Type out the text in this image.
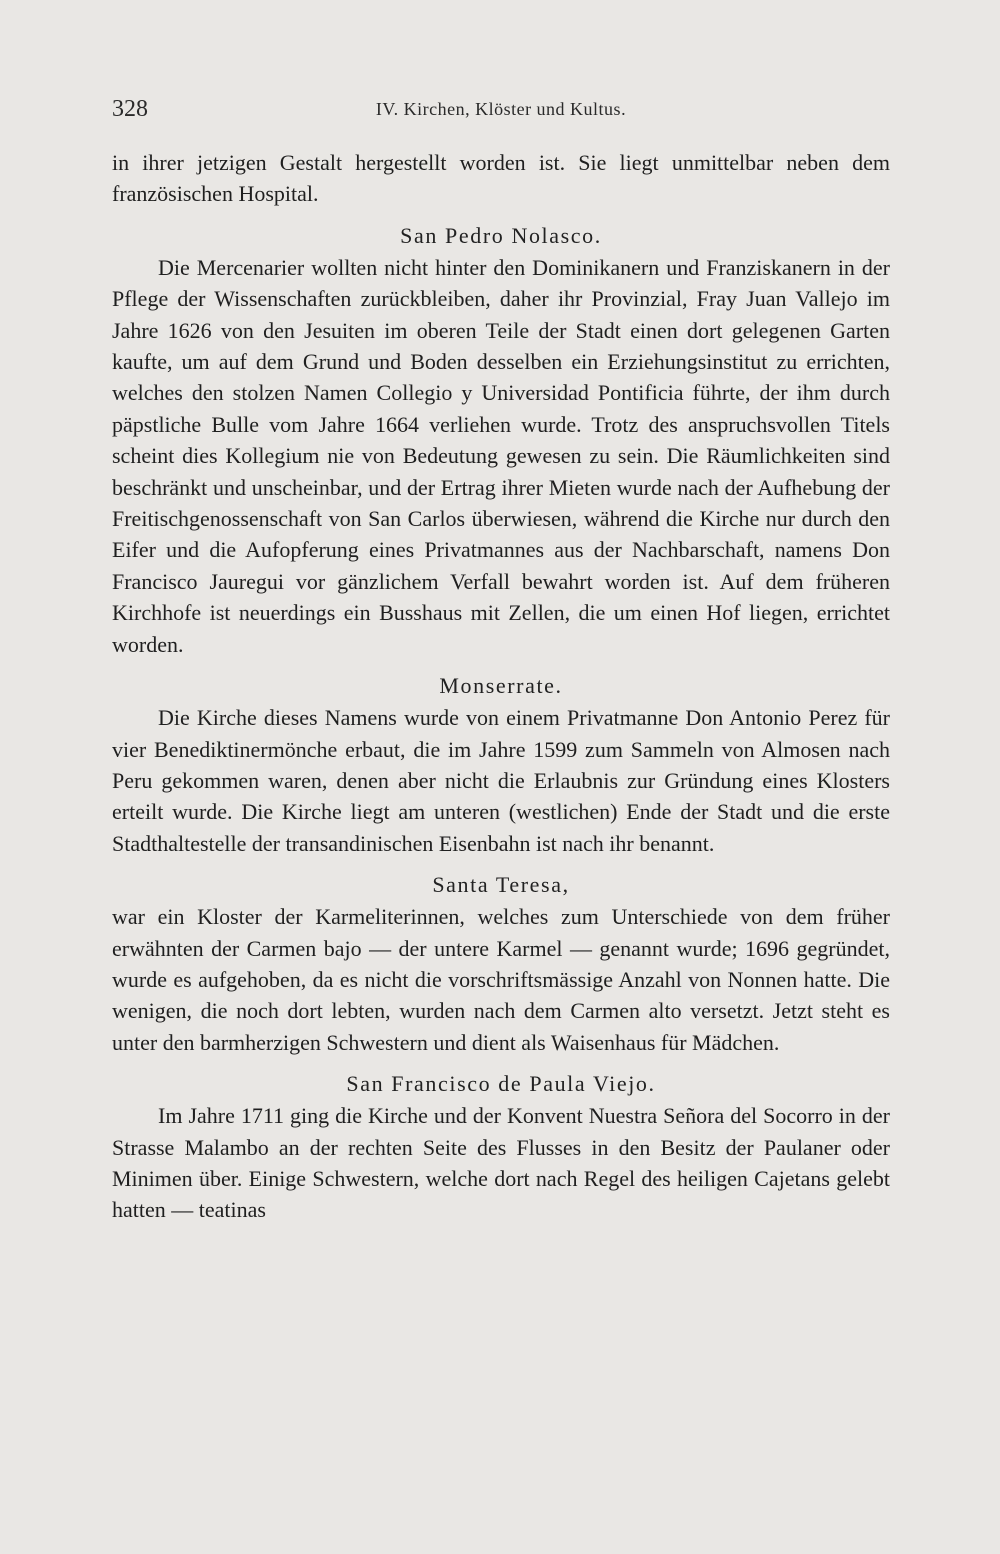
328	IV. Kirchen, Klöster und Kultus.

in ihrer jetzigen Gestalt hergestellt worden ist. Sie liegt unmittelbar neben dem französischen Hospital.

San Pedro Nolasco.

Die Mercenarier wollten nicht hinter den Dominikanern und Franziskanern in der Pflege der Wissenschaften zurückbleiben, daher ihr Provinzial, Fray Juan Vallejo im Jahre 1626 von den Jesuiten im oberen Teile der Stadt einen dort gelegenen Garten kaufte, um auf dem Grund und Boden desselben ein Erziehungsinstitut zu errichten, welches den stolzen Namen Collegio y Universidad Pontificia führte, der ihm durch päpstliche Bulle vom Jahre 1664 verliehen wurde. Trotz des anspruchsvollen Titels scheint dies Kollegium nie von Bedeutung gewesen zu sein. Die Räumlichkeiten sind beschränkt und unscheinbar, und der Ertrag ihrer Mieten wurde nach der Aufhebung der Freitischgenossenschaft von San Carlos überwiesen, während die Kirche nur durch den Eifer und die Aufopferung eines Privatmannes aus der Nachbarschaft, namens Don Francisco Jauregui vor gänzlichem Verfall bewahrt worden ist. Auf dem früheren Kirchhofe ist neuerdings ein Busshaus mit Zellen, die um einen Hof liegen, errichtet worden.

Monserrate.

Die Kirche dieses Namens wurde von einem Privatmanne Don Antonio Perez für vier Benediktinermönche erbaut, die im Jahre 1599 zum Sammeln von Almosen nach Peru gekommen waren, denen aber nicht die Erlaubnis zur Gründung eines Klosters erteilt wurde. Die Kirche liegt am unteren (westlichen) Ende der Stadt und die erste Stadthaltestelle der transandinischen Eisenbahn ist nach ihr benannt.

Santa Teresa,

war ein Kloster der Karmeliterinnen, welches zum Unterschiede von dem früher erwähnten der Carmen bajo — der untere Karmel — genannt wurde; 1696 gegründet, wurde es aufgehoben, da es nicht die vorschriftsmässige Anzahl von Nonnen hatte. Die wenigen, die noch dort lebten, wurden nach dem Carmen alto versetzt. Jetzt steht es unter den barmherzigen Schwestern und dient als Waisenhaus für Mädchen.

San Francisco de Paula Viejo.

Im Jahre 1711 ging die Kirche und der Konvent Nuestra Señora del Socorro in der Strasse Malambo an der rechten Seite des Flusses in den Besitz der Paulaner oder Minimen über. Einige Schwestern, welche dort nach Regel des heiligen Cajetans gelebt hatten — teatinas
